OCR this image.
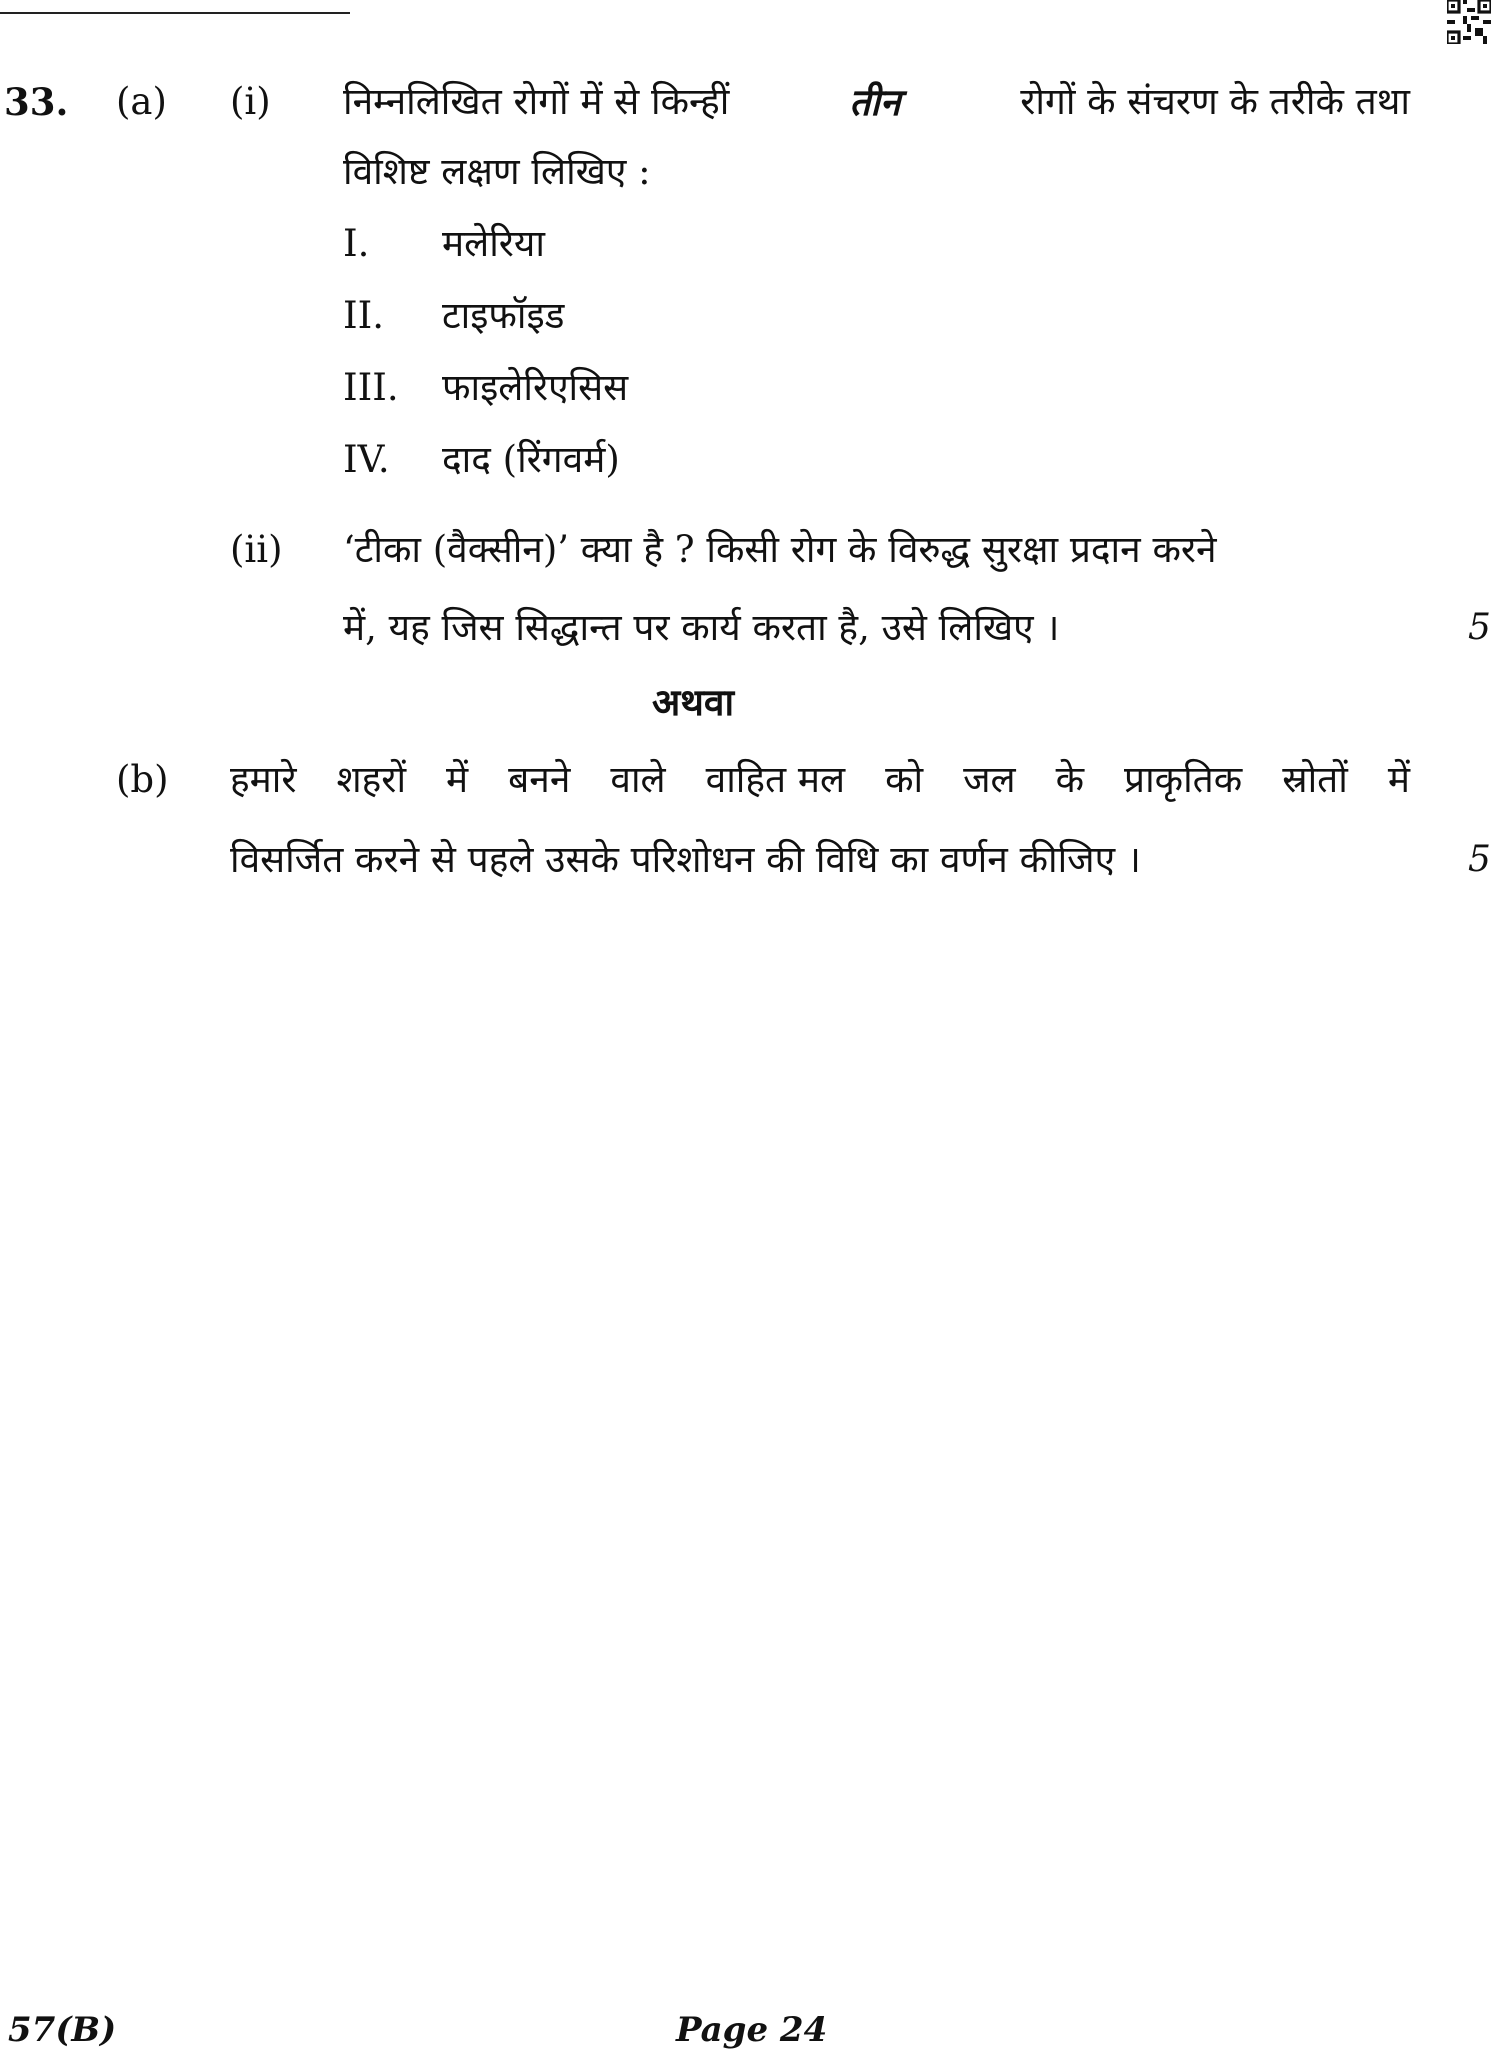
33. (a) (i) निम्नलिखित रोगों में से किन्हीं	तीन	रोगों के संचरण के तरीके तथा
विशिष्ट लक्षण लिखिए :
I. मलेरिया
II. टाइफॉइड
III. फाइलेरिएसिस
IV. दाद (रिंगवर्म)
(ii) ‘टीका (वैक्सीन)’ क्या है ? किसी रोग के विरुद्ध सुरक्षा प्रदान करने
में, यह जिस सिद्धान्त पर कार्य करता है, उसे लिखिए ।	5
अथवा
(b) हमारे शहरों में बनने वाले वाहित मल को जल के प्राकृतिक स्रोतों में
विसर्जित करने से पहले उसके परिशोधन की विधि का वर्णन कीजिए ।	5
57(B)	Page 24
